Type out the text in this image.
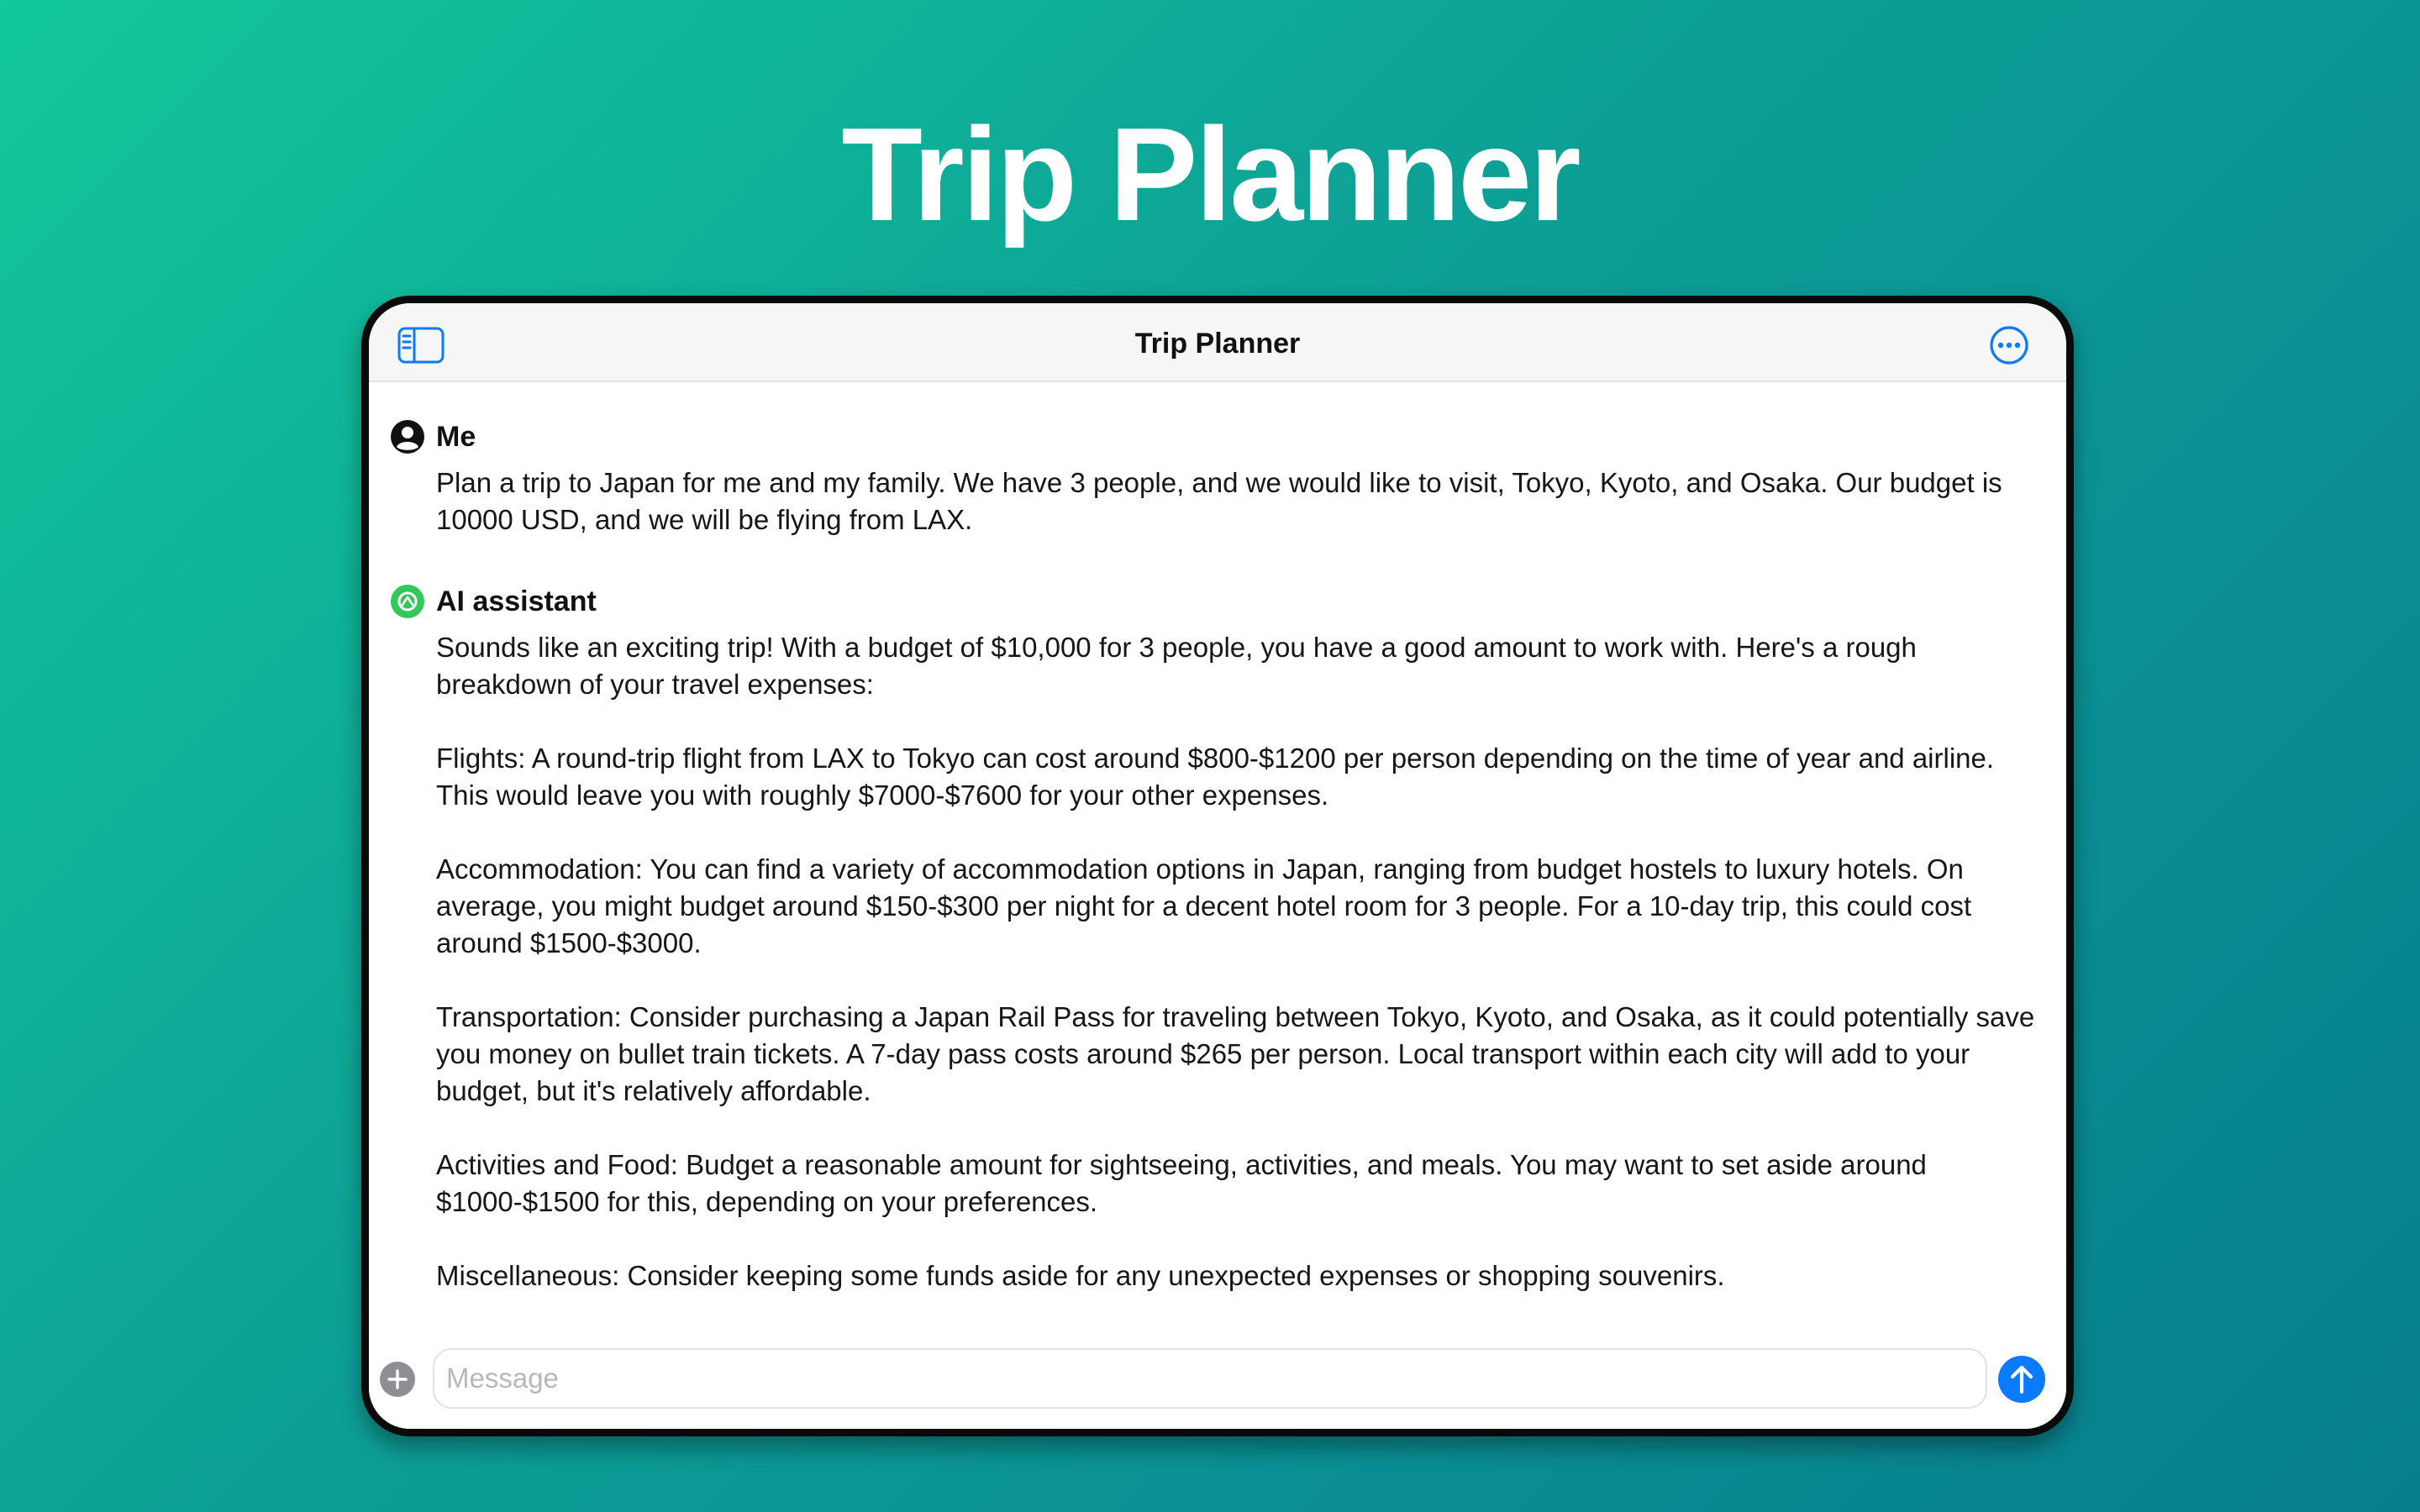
Trip Planner
Trip Planner
Me

Plan a trip to Japan for me and my family. We have 3 people, and we would like to visit, Tokyo, Kyoto, and Osaka. Our budget is 10000 USD, and we will be flying from LAX.

AI assistant

Sounds like an exciting trip! With a budget of $10,000 for 3 people, you have a good amount to work with. Here's a rough breakdown of your travel expenses:

Flights: A round-trip flight from LAX to Tokyo can cost around $800-$1200 per person depending on the time of year and airline. This would leave you with roughly $7000-$7600 for your other expenses.

Accommodation: You can find a variety of accommodation options in Japan, ranging from budget hostels to luxury hotels. On average, you might budget around $150-$300 per night for a decent hotel room for 3 people. For a 10-day trip, this could cost around $1500-$3000.

Transportation: Consider purchasing a Japan Rail Pass for traveling between Tokyo, Kyoto, and Osaka, as it could potentially save you money on bullet train tickets. A 7-day pass costs around $265 per person. Local transport within each city will add to your budget, but it's relatively affordable.

Activities and Food: Budget a reasonable amount for sightseeing, activities, and meals. You may want to set aside around $1000-$1500 for this, depending on your preferences.

Miscellaneous: Consider keeping some funds aside for any unexpected expenses or shopping souvenirs.

Message
